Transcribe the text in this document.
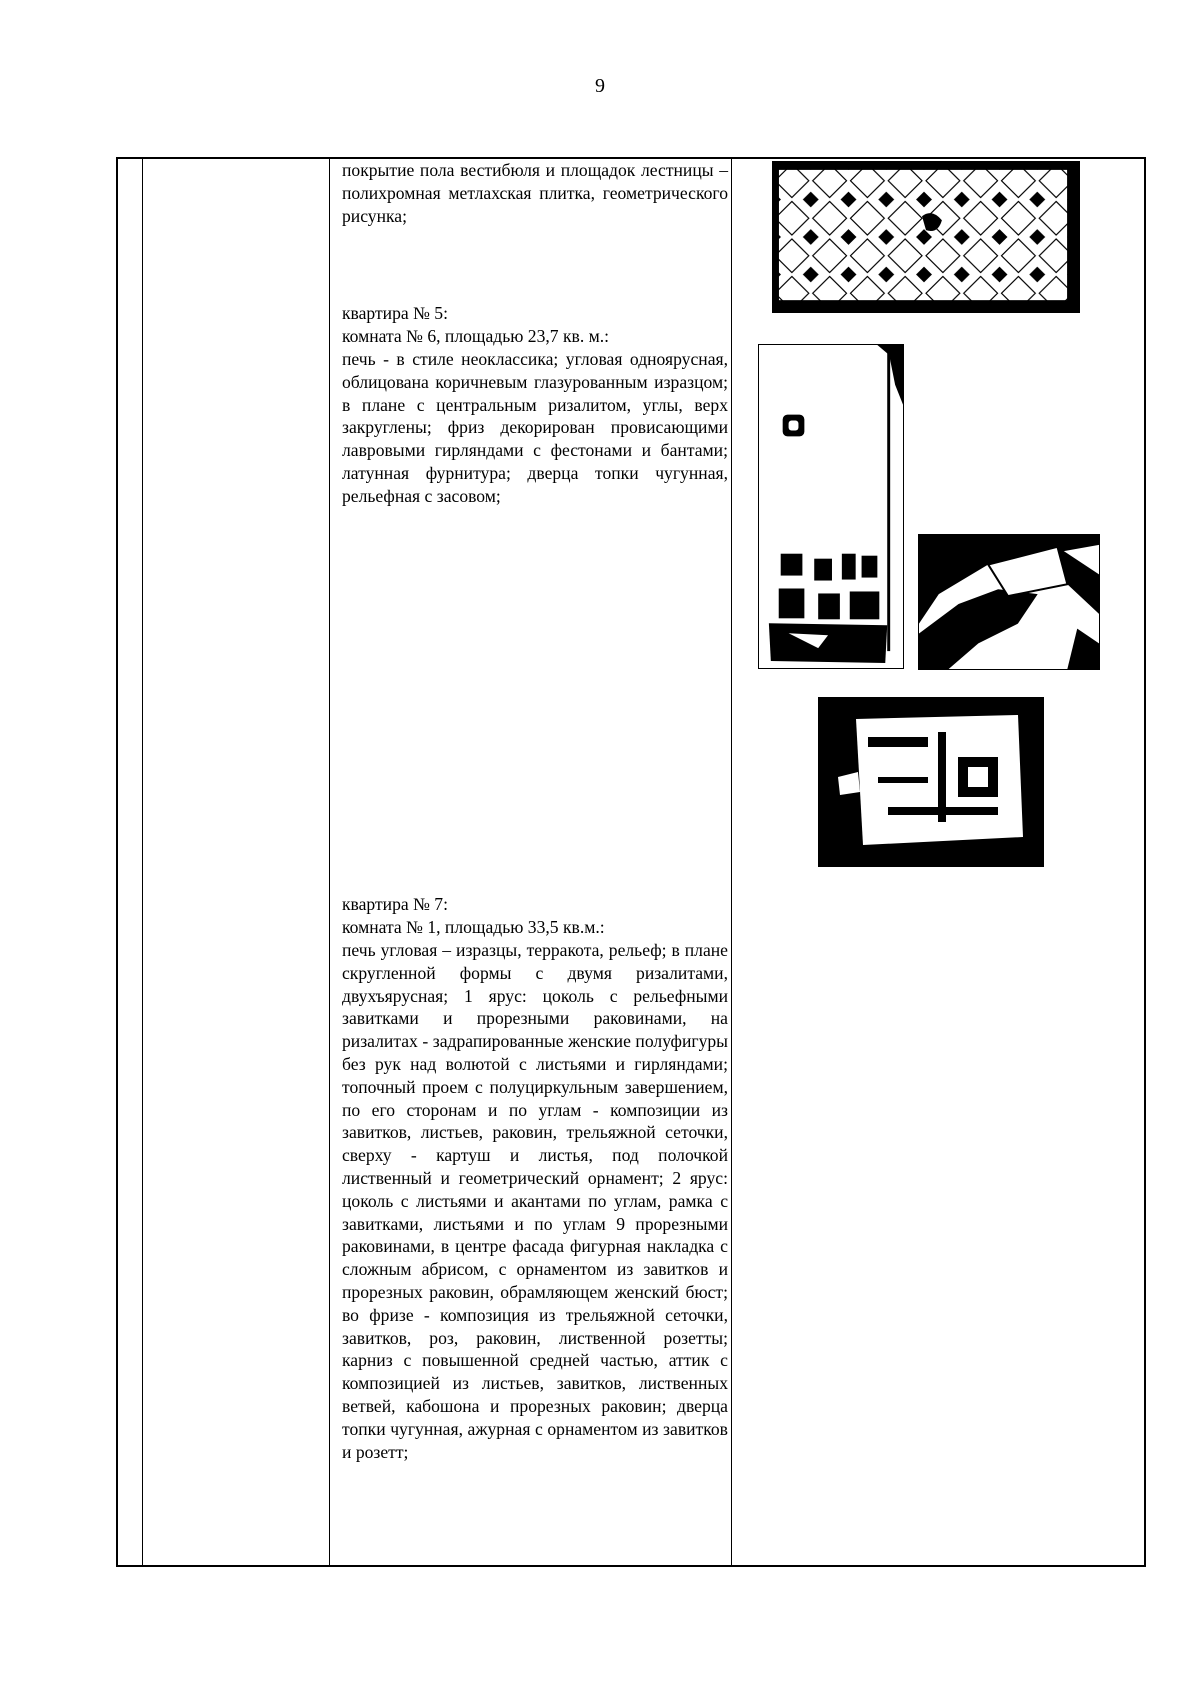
9

покрытие пола вестибюля и площадок лестницы – полихромная метлахская плитка, геометрического рисунка;

квартира № 5:

комната № 6, площадью 23,7 кв. м.:

печь - в стиле неоклассика; угловая одноярусная, облицована коричневым глазурованным изразцом; в плане с центральным ризалитом, углы, верх закруглены; фриз декорирован провисающими лавровыми гирляндами с фестонами и бантами; латунная фурнитура; дверца топки чугунная, рельефная с засовом;

квартира № 7:

комната № 1, площадью 33,5 кв.м.:

печь угловая – изразцы, терракота, рельеф; в плане скругленной формы с двумя ризалитами, двухъярусная; 1 ярус: цоколь с рельефными завитками и прорезными раковинами, на ризалитах - задрапированные женские полуфигуры без рук над волютой с листьями и гирляндами; топочный проем с полуциркульным завершением, по его сторонам и по углам - композиции из завитков, листьев, раковин, трельяжной сеточки, сверху - картуш и листья, под полочкой лиственный и геометрический орнамент; 2 ярус: цоколь с листьями и акантами по углам, рамка с завитками, листьями и по углам 9 прорезными раковинами, в центре фасада фигурная накладка с сложным абрисом, с орнаментом из завитков и прорезных раковин, обрамляющем женский бюст; во фризе - композиция из трельяжной сеточки, завитков, роз, раковин, лиственной розетты; карниз с повышенной средней частью, аттик с композицией из листьев, завитков, лиственных ветвей, кабошона и прорезных раковин; дверца топки чугунная, ажурная с орнаментом из завитков и розетт;
